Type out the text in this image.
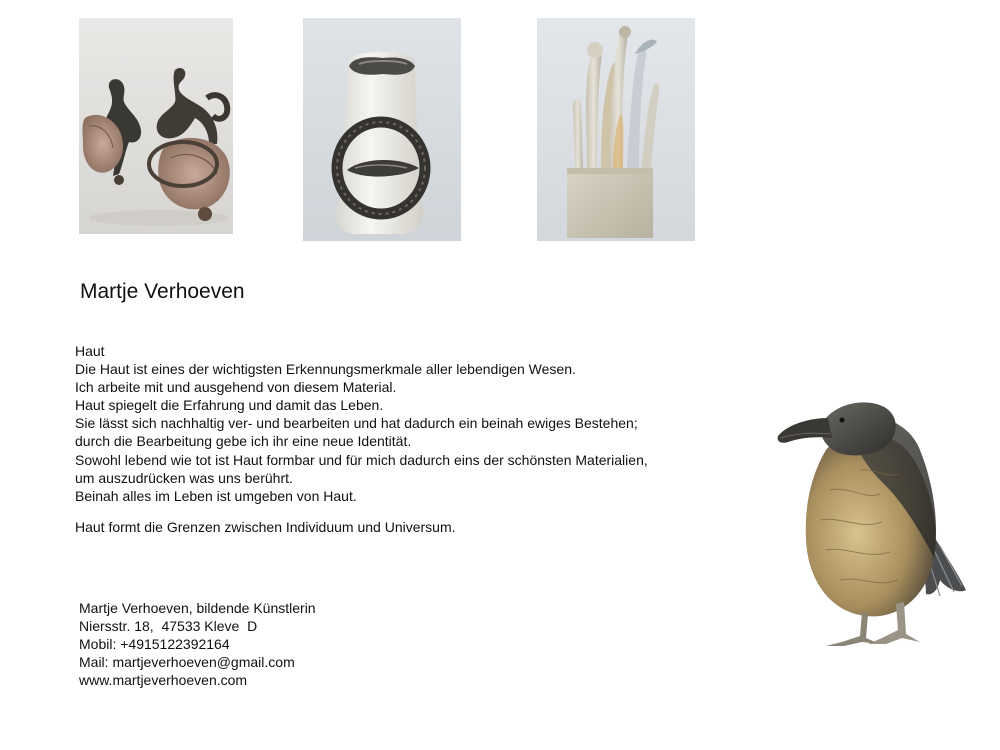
Martje Verhoeven
Haut
Die Haut ist eines der wichtigsten Erkennungsmerkmale aller lebendigen Wesen.
Ich arbeite mit und ausgehend von diesem Material.
Haut spiegelt die Erfahrung und damit das Leben.
Sie lässt sich nachhaltig ver- und bearbeiten und hat dadurch ein beinah ewiges Bestehen;
durch die Bearbeitung gebe ich ihr eine neue Identität.
Sowohl lebend wie tot ist Haut formbar und für mich dadurch eins der schönsten Materialien,
um auszudrücken was uns berührt.
Beinah alles im Leben ist umgeben von Haut.
Haut formt die Grenzen zwischen Individuum und Universum.
Martje Verhoeven, bildende Künstlerin
Niersstr. 18,  47533 Kleve  D
Mobil: +4915122392164
Mail: martjeverhoeven@gmail.com
www.martjeverhoeven.com
